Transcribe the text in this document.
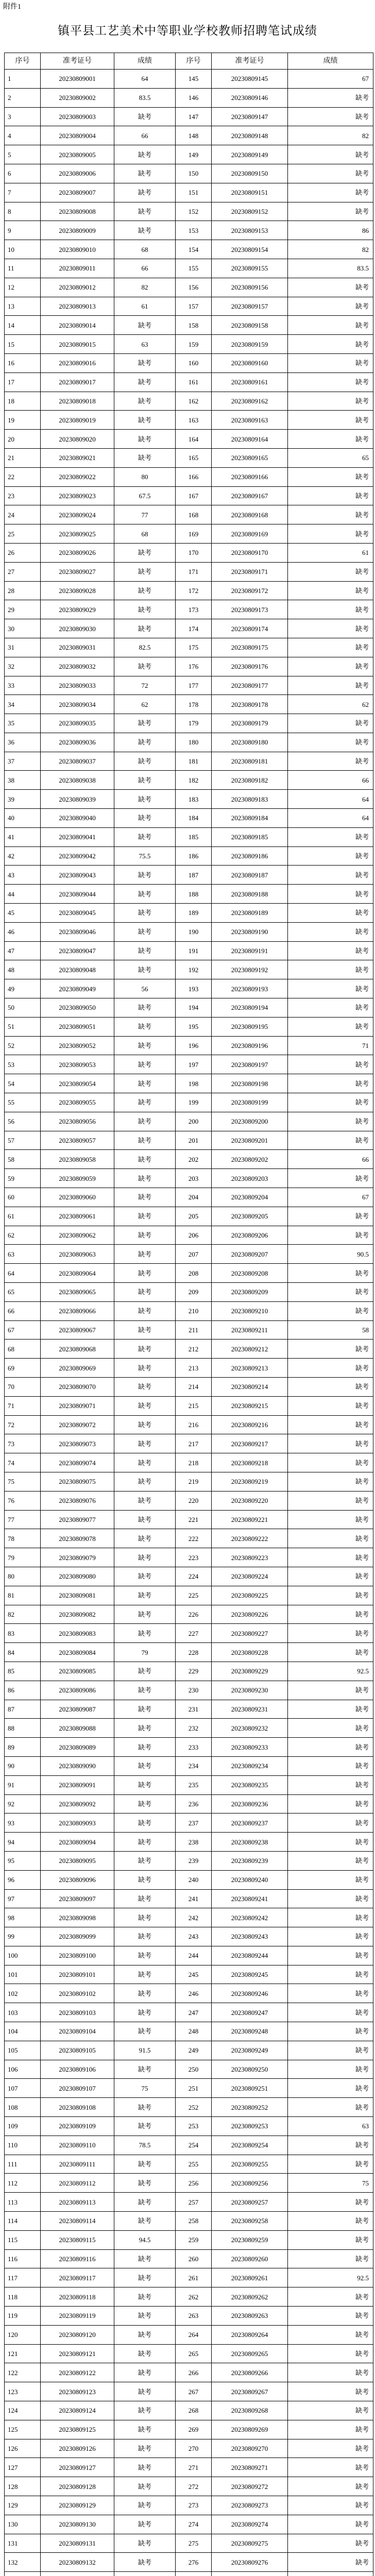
附件1
镇平县工艺美术中等职业学校教师招聘笔试成绩
序号	准考证号	成绩	序号	准考证号	成绩
1	20230809001	64	145	20230809145	67
2	20230809002	83.5	146	20230809146	缺考
3	20230809003	缺考	147	20230809147	缺考
4	20230809004	66	148	20230809148	82
5	20230809005	缺考	149	20230809149	缺考
6	20230809006	缺考	150	20230809150	缺考
7	20230809007	缺考	151	20230809151	缺考
8	20230809008	缺考	152	20230809152	缺考
9	20230809009	缺考	153	20230809153	86
10	20230809010	68	154	20230809154	82
11	20230809011	66	155	20230809155	83.5
12	20230809012	82	156	20230809156	缺考
13	20230809013	61	157	20230809157	缺考
14	20230809014	缺考	158	20230809158	缺考
15	20230809015	63	159	20230809159	缺考
16	20230809016	缺考	160	20230809160	缺考
17	20230809017	缺考	161	20230809161	缺考
18	20230809018	缺考	162	20230809162	缺考
19	20230809019	缺考	163	20230809163	缺考
20	20230809020	缺考	164	20230809164	缺考
21	20230809021	缺考	165	20230809165	65
22	20230809022	80	166	20230809166	缺考
23	20230809023	67.5	167	20230809167	缺考
24	20230809024	77	168	20230809168	缺考
25	20230809025	68	169	20230809169	缺考
26	20230809026	缺考	170	20230809170	61
27	20230809027	缺考	171	20230809171	缺考
28	20230809028	缺考	172	20230809172	缺考
29	20230809029	缺考	173	20230809173	缺考
30	20230809030	缺考	174	20230809174	缺考
31	20230809031	82.5	175	20230809175	缺考
32	20230809032	缺考	176	20230809176	缺考
33	20230809033	72	177	20230809177	缺考
34	20230809034	62	178	20230809178	62
35	20230809035	缺考	179	20230809179	缺考
36	20230809036	缺考	180	20230809180	缺考
37	20230809037	缺考	181	20230809181	缺考
38	20230809038	缺考	182	20230809182	66
39	20230809039	缺考	183	20230809183	64
40	20230809040	缺考	184	20230809184	64
41	20230809041	缺考	185	20230809185	缺考
42	20230809042	75.5	186	20230809186	缺考
43	20230809043	缺考	187	20230809187	缺考
44	20230809044	缺考	188	20230809188	缺考
45	20230809045	缺考	189	20230809189	缺考
46	20230809046	缺考	190	20230809190	缺考
47	20230809047	缺考	191	20230809191	缺考
48	20230809048	缺考	192	20230809192	缺考
49	20230809049	56	193	20230809193	缺考
50	20230809050	缺考	194	20230809194	缺考
51	20230809051	缺考	195	20230809195	缺考
52	20230809052	缺考	196	20230809196	71
53	20230809053	缺考	197	20230809197	缺考
54	20230809054	缺考	198	20230809198	缺考
55	20230809055	缺考	199	20230809199	缺考
56	20230809056	缺考	200	20230809200	缺考
57	20230809057	缺考	201	20230809201	缺考
58	20230809058	缺考	202	20230809202	66
59	20230809059	缺考	203	20230809203	缺考
60	20230809060	缺考	204	20230809204	67
61	20230809061	缺考	205	20230809205	缺考
62	20230809062	缺考	206	20230809206	缺考
63	20230809063	缺考	207	20230809207	90.5
64	20230809064	缺考	208	20230809208	缺考
65	20230809065	缺考	209	20230809209	缺考
66	20230809066	缺考	210	20230809210	缺考
67	20230809067	缺考	211	20230809211	58
68	20230809068	缺考	212	20230809212	缺考
69	20230809069	缺考	213	20230809213	缺考
70	20230809070	缺考	214	20230809214	缺考
71	20230809071	缺考	215	20230809215	缺考
72	20230809072	缺考	216	20230809216	缺考
73	20230809073	缺考	217	20230809217	缺考
74	20230809074	缺考	218	20230809218	缺考
75	20230809075	缺考	219	20230809219	缺考
76	20230809076	缺考	220	20230809220	缺考
77	20230809077	缺考	221	20230809221	缺考
78	20230809078	缺考	222	20230809222	缺考
79	20230809079	缺考	223	20230809223	缺考
80	20230809080	缺考	224	20230809224	缺考
81	20230809081	缺考	225	20230809225	缺考
82	20230809082	缺考	226	20230809226	缺考
83	20230809083	缺考	227	20230809227	缺考
84	20230809084	79	228	20230809228	缺考
85	20230809085	缺考	229	20230809229	92.5
86	20230809086	缺考	230	20230809230	缺考
87	20230809087	缺考	231	20230809231	缺考
88	20230809088	缺考	232	20230809232	缺考
89	20230809089	缺考	233	20230809233	缺考
90	20230809090	缺考	234	20230809234	缺考
91	20230809091	缺考	235	20230809235	缺考
92	20230809092	缺考	236	20230809236	缺考
93	20230809093	缺考	237	20230809237	缺考
94	20230809094	缺考	238	20230809238	缺考
95	20230809095	缺考	239	20230809239	缺考
96	20230809096	缺考	240	20230809240	缺考
97	20230809097	缺考	241	20230809241	缺考
98	20230809098	缺考	242	20230809242	缺考
99	20230809099	缺考	243	20230809243	缺考
100	20230809100	缺考	244	20230809244	缺考
101	20230809101	缺考	245	20230809245	缺考
102	20230809102	缺考	246	20230809246	缺考
103	20230809103	缺考	247	20230809247	缺考
104	20230809104	缺考	248	20230809248	缺考
105	20230809105	91.5	249	20230809249	缺考
106	20230809106	缺考	250	20230809250	缺考
107	20230809107	75	251	20230809251	缺考
108	20230809108	缺考	252	20230809252	缺考
109	20230809109	缺考	253	20230809253	63
110	20230809110	78.5	254	20230809254	缺考
111	20230809111	缺考	255	20230809255	缺考
112	20230809112	缺考	256	20230809256	75
113	20230809113	缺考	257	20230809257	缺考
114	20230809114	缺考	258	20230809258	缺考
115	20230809115	94.5	259	20230809259	缺考
116	20230809116	缺考	260	20230809260	缺考
117	20230809117	缺考	261	20230809261	92.5
118	20230809118	缺考	262	20230809262	缺考
119	20230809119	缺考	263	20230809263	缺考
120	20230809120	缺考	264	20230809264	缺考
121	20230809121	缺考	265	20230809265	缺考
122	20230809122	缺考	266	20230809266	缺考
123	20230809123	缺考	267	20230809267	缺考
124	20230809124	缺考	268	20230809268	缺考
125	20230809125	缺考	269	20230809269	缺考
126	20230809126	缺考	270	20230809270	缺考
127	20230809127	缺考	271	20230809271	缺考
128	20230809128	缺考	272	20230809272	缺考
129	20230809129	缺考	273	20230809273	缺考
130	20230809130	缺考	274	20230809274	缺考
131	20230809131	缺考	275	20230809275	缺考
132	20230809132	缺考	276	20230809276	缺考
